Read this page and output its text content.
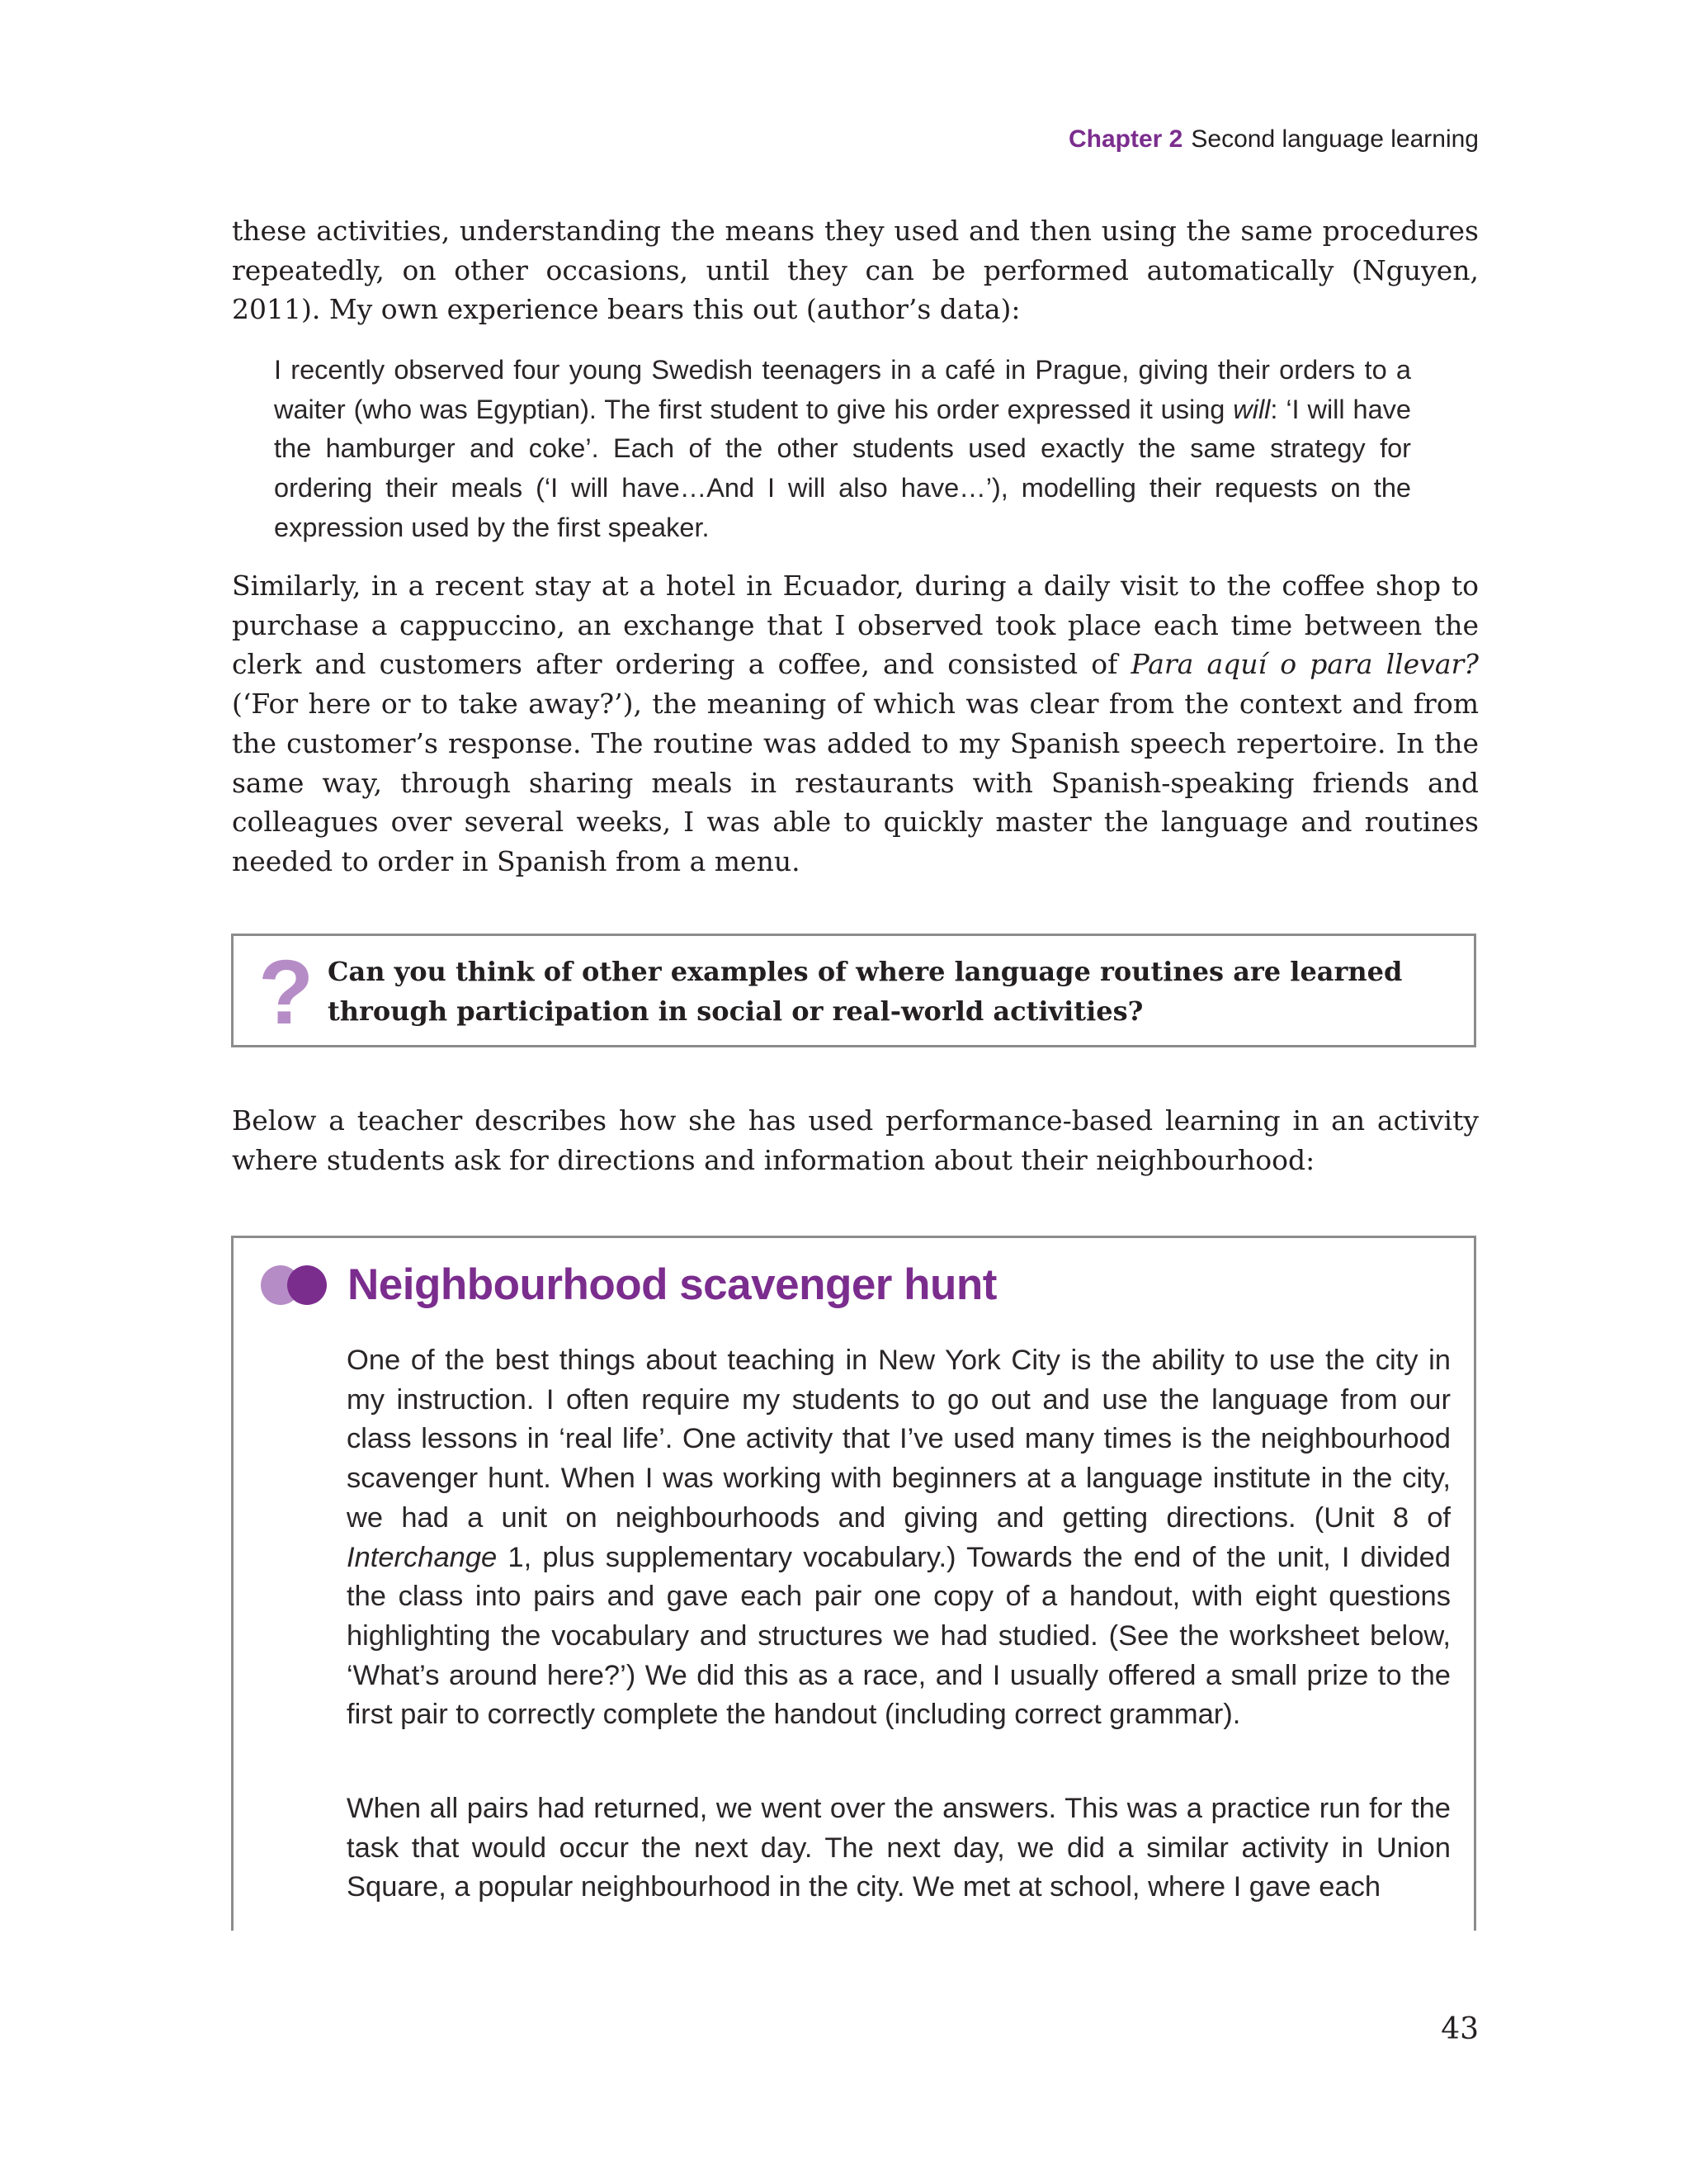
Chapter 2 Second language learning

these activities, understanding the means they used and then using the same procedures repeatedly, on other occasions, until they can be performed automatically (Nguyen, 2011). My own experience bears this out (author’s data):

I recently observed four young Swedish teenagers in a café in Prague, giving their orders to a waiter (who was Egyptian). The first student to give his order expressed it using will: ‘I will have the hamburger and coke’. Each of the other students used exactly the same strategy for ordering their meals (‘I will have…And I will also have…’), modelling their requests on the expression used by the first speaker.

Similarly, in a recent stay at a hotel in Ecuador, during a daily visit to the coffee shop to purchase a cappuccino, an exchange that I observed took place each time between the clerk and customers after ordering a coffee, and consisted of Para aquí o para llevar? (‘For here or to take away?’), the meaning of which was clear from the context and from the customer’s response. The routine was added to my Spanish speech repertoire. In the same way, through sharing meals in restaurants with Spanish-speaking friends and colleagues over several weeks, I was able to quickly master the language and routines needed to order in Spanish from a menu.

? Can you think of other examples of where language routines are learned through participation in social or real-world activities?

Below a teacher describes how she has used performance-based learning in an activity where students ask for directions and information about their neighbourhood:

Neighbourhood scavenger hunt

One of the best things about teaching in New York City is the ability to use the city in my instruction. I often require my students to go out and use the language from our class lessons in ‘real life’. One activity that I’ve used many times is the neighbourhood scavenger hunt. When I was working with beginners at a language institute in the city, we had a unit on neighbourhoods and giving and getting directions. (Unit 8 of Interchange 1, plus supplementary vocabulary.) Towards the end of the unit, I divided the class into pairs and gave each pair one copy of a handout, with eight questions highlighting the vocabulary and structures we had studied. (See the worksheet below, ‘What’s around here?’) We did this as a race, and I usually offered a small prize to the first pair to correctly complete the handout (including correct grammar).

When all pairs had returned, we went over the answers. This was a practice run for the task that would occur the next day. The next day, we did a similar activity in Union Square, a popular neighbourhood in the city. We met at school, where I gave each

43
